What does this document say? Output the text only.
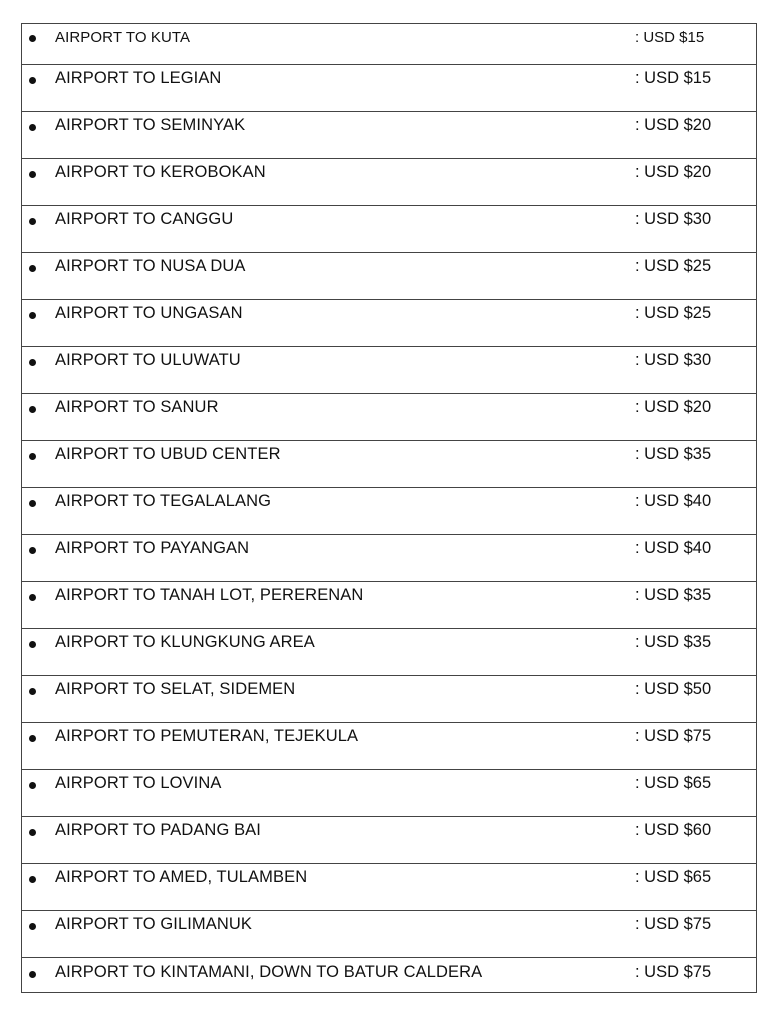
AIRPORT TO KUTA	: USD $15
AIRPORT TO LEGIAN	: USD $15
AIRPORT TO SEMINYAK	: USD $20
AIRPORT TO KEROBOKAN	: USD $20
AIRPORT TO CANGGU	: USD $30
AIRPORT TO NUSA DUA	: USD $25
AIRPORT TO UNGASAN	: USD $25
AIRPORT TO ULUWATU	: USD $30
AIRPORT TO SANUR	: USD $20
AIRPORT TO UBUD CENTER	: USD $35
AIRPORT TO TEGALALANG	: USD $40
AIRPORT TO PAYANGAN	: USD $40
AIRPORT TO TANAH LOT, PERERENAN	: USD $35
AIRPORT TO KLUNGKUNG AREA	: USD $35
AIRPORT TO SELAT, SIDEMEN	: USD $50
AIRPORT TO PEMUTERAN, TEJEKULA	: USD $75
AIRPORT TO LOVINA	: USD $65
AIRPORT TO PADANG BAI	: USD $60
AIRPORT TO AMED, TULAMBEN	: USD $65
AIRPORT TO GILIMANUK	: USD $75
AIRPORT TO KINTAMANI, DOWN TO BATUR CALDERA	: USD $75
